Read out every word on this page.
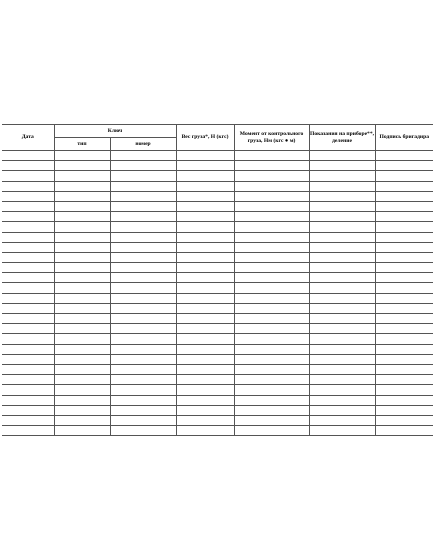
Дата	Ключ		Вес груза*, Н (кгс)	Момент от контрольного груза, Нм (кгс ● м)	Показания на приборе**, деление	Подпись бригадира
	тип	номер				
